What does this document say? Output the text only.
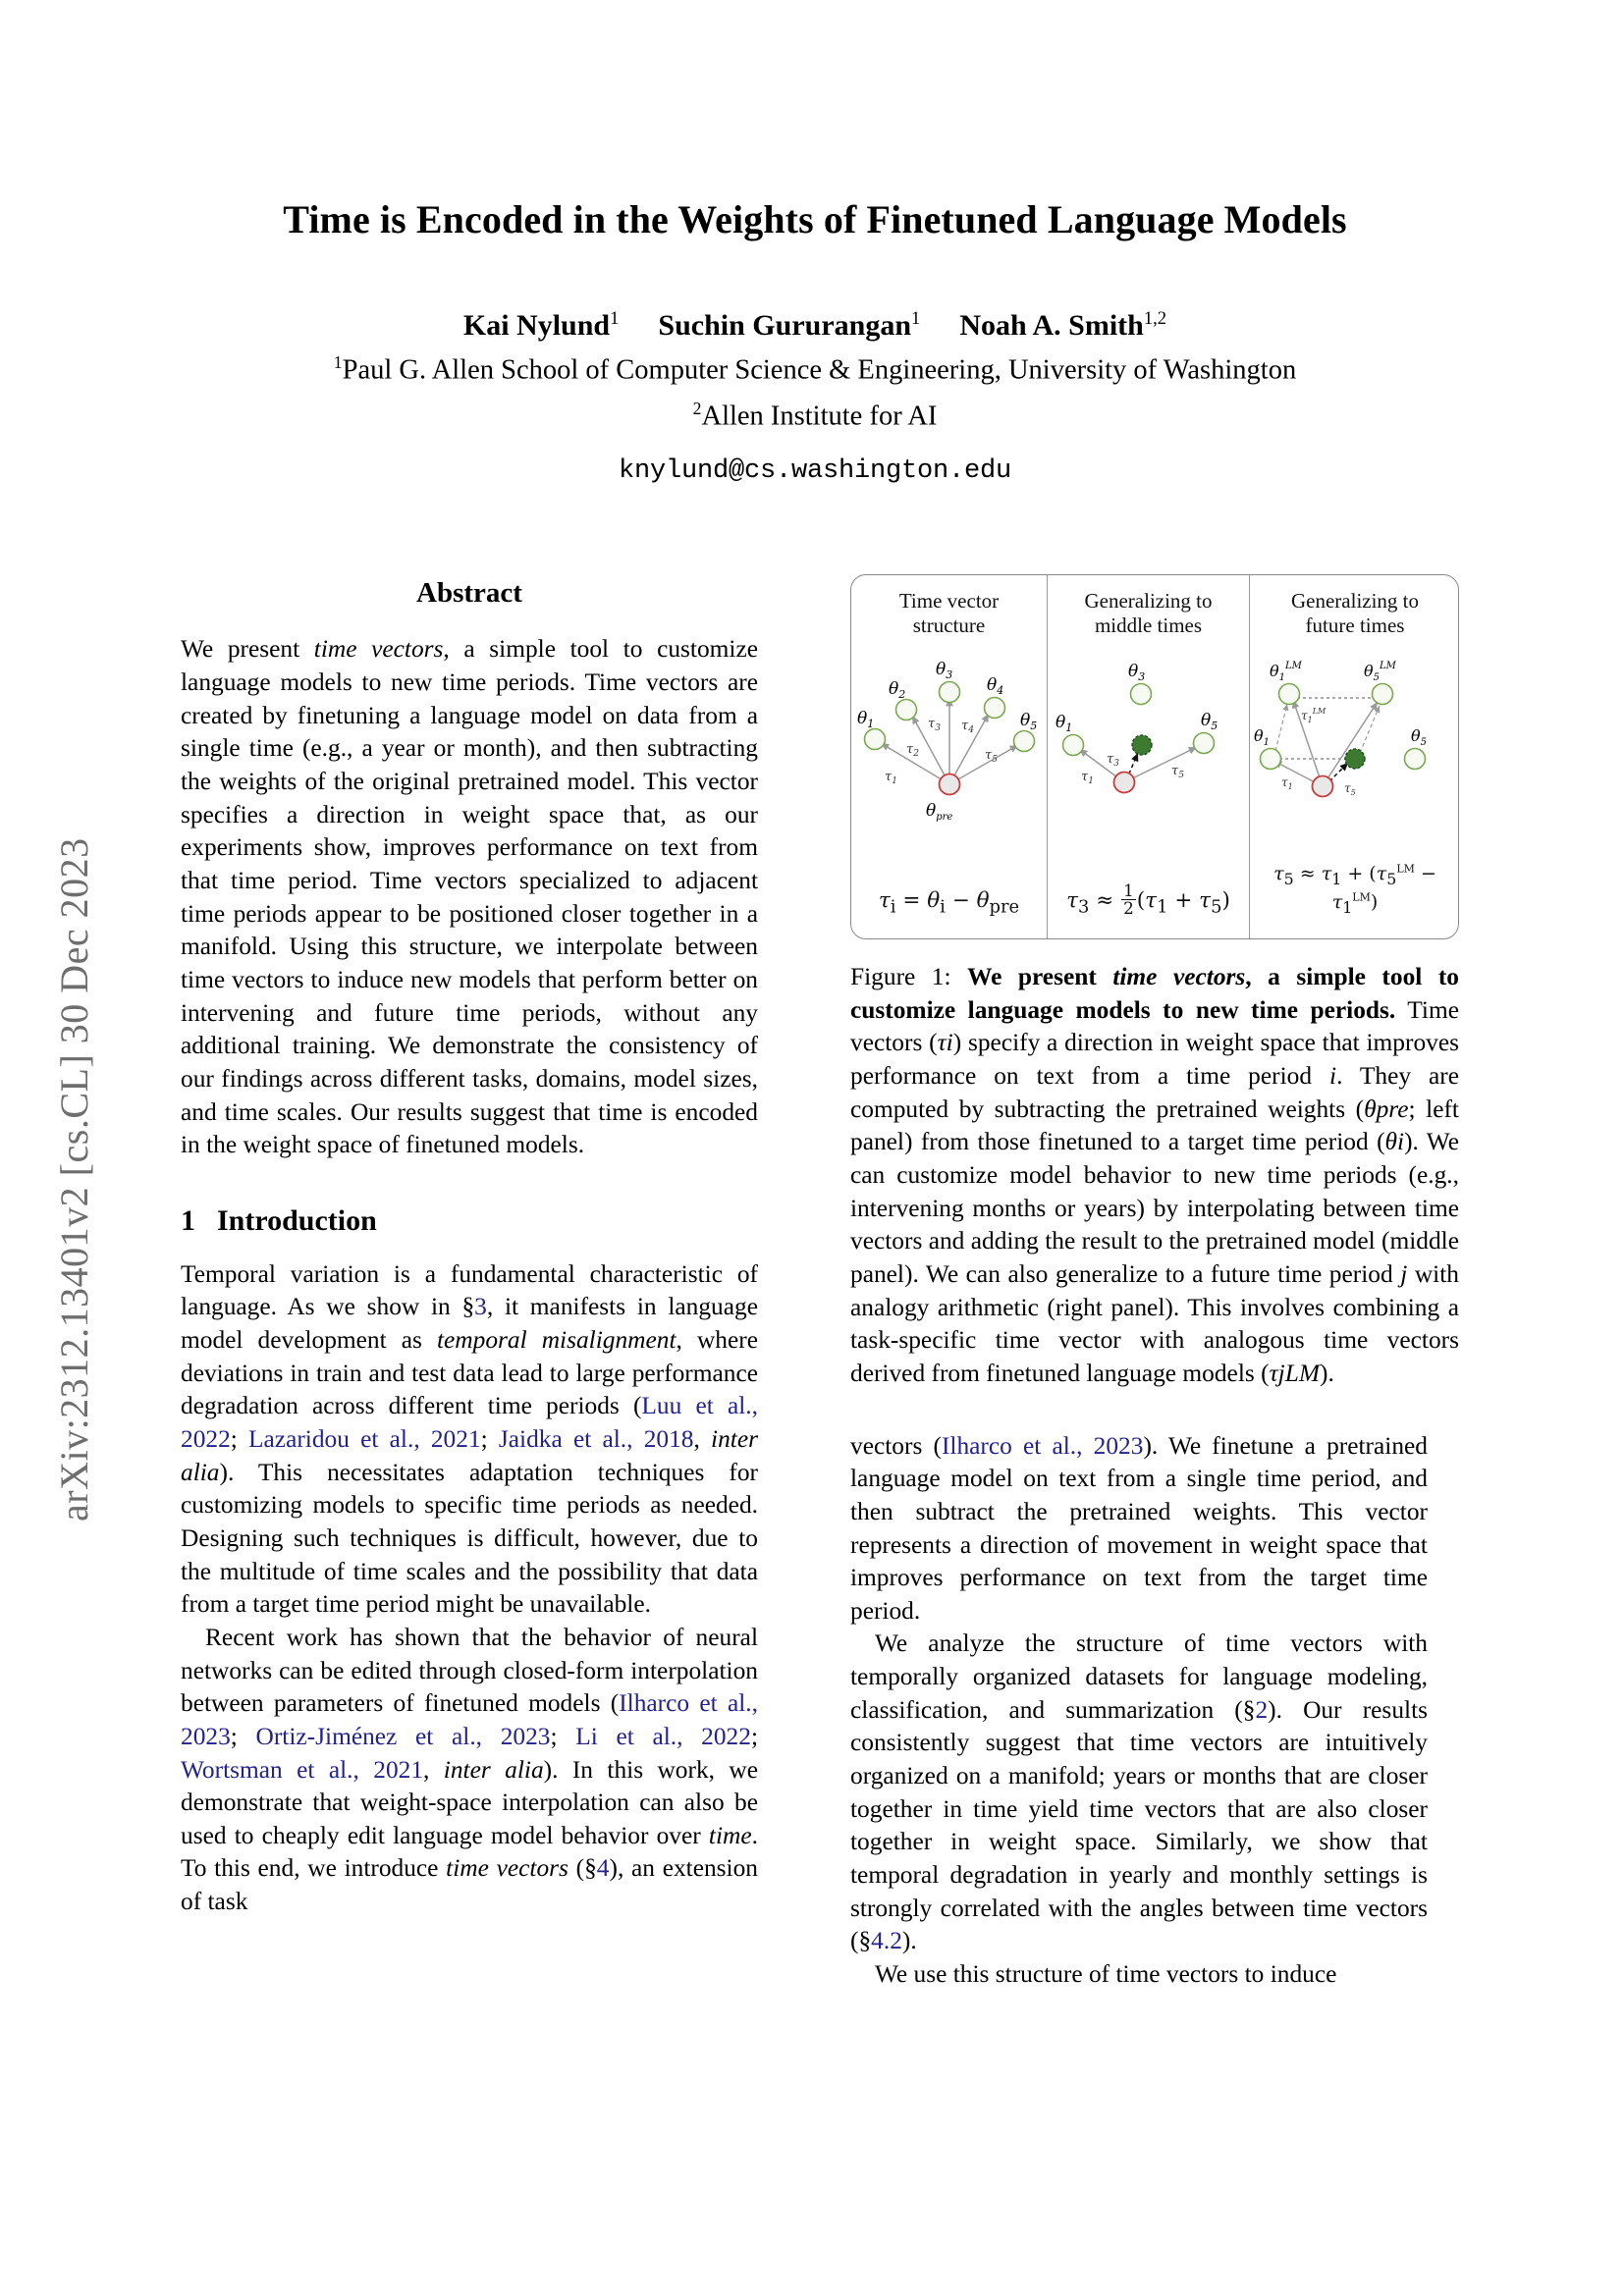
arXiv:2312.13401v2 [cs.CL] 30 Dec 2023
Time is Encoded in the Weights of Finetuned Language Models
Kai Nylund$^1$ Suchin Gururangan$^1$ Noah A. Smith$^{1,2}$
$^1$Paul G. Allen School of Computer Science & Engineering, University of Washington
$^2$Allen Institute for AI
knylund@cs.washington.edu
Abstract

We present time vectors, a simple tool to customize language models to new time periods. Time vectors are created by finetuning a language model on data from a single time (e.g., a year or month), and then subtracting the weights of the original pretrained model. This vector specifies a direction in weight space that, as our experiments show, improves performance on text from that time period. Time vectors specialized to adjacent time periods appear to be positioned closer together in a manifold. Using this structure, we interpolate between time vectors to induce new models that perform better on intervening and future time periods, without any additional training. We demonstrate the consistency of our findings across different tasks, domains, model sizes, and time scales. Our results suggest that time is encoded in the weight space of finetuned models.

1 Introduction

Temporal variation is a fundamental characteristic of language. As we show in §3, it manifests in language model development as temporal misalignment, where deviations in train and test data lead to large performance degradation across different time periods (Luu et al., 2022; Lazaridou et al., 2021; Jaidka et al., 2018, inter alia). This necessitates adaptation techniques for customizing models to specific time periods as needed. Designing such techniques is difficult, however, due to the multitude of time scales and the possibility that data from a target time period might be unavailable.

Recent work has shown that the behavior of neural networks can be edited through closed-form interpolation between parameters of finetuned models (Ilharco et al., 2023; Ortiz-Jiménez et al., 2023; Li et al., 2022; Wortsman et al., 2021, inter alia). In this work, we demonstrate that weight-space interpolation can also be used to cheaply edit language model behavior over time. To this end, we introduce time vectors (§4), an extension of task

Time vector
structure
$\theta_1$
$\theta_2$
$\theta_3$
$\theta_4$
$\theta_5$
$\theta_{pre}$
$\tau_1$
$\tau_2$
$\tau_3$ $\tau_4$
$\tau_5$
$\tau_i = \theta_i - \theta_{pre}$
Generalizing to
middle times
$\theta_1$
$\theta_3$
$\theta_5$
$\tau_1$
$\tau_3$	$\tau_5$
$\tau_3 \approx \frac{1}{2} (\tau_1 + \tau_5)$
Generalizing to
future times
$\theta_1^{LM}$	$\theta_5^{LM}$
$\theta_1$	$\theta_5$
$\tau_1^{LM}$
$\tau_1$	$\tau_5$
$\tau_5 \approx \tau_1 + (\tau_5^{LM} - \tau_1^{LM})$
Figure 1: We present time vectors, a simple tool to customize language models to new time periods. Time vectors (τi) specify a direction in weight space that improves performance on text from a time period i. They are computed by subtracting the pretrained weights (θpre; left panel) from those finetuned to a target time period (θi). We can customize model behavior to new time periods (e.g., intervening months or years) by interpolating between time vectors and adding the result to the pretrained model (middle panel). We can also generalize to a future time period j with analogy arithmetic (right panel). This involves combining a task-specific time vector with analogous time vectors derived from finetuned language models (τjLM).

vectors (Ilharco et al., 2023). We finetune a pretrained language model on text from a single time period, and then subtract the pretrained weights. This vector represents a direction of movement in weight space that improves performance on text from the target time period.

We analyze the structure of time vectors with temporally organized datasets for language modeling, classification, and summarization (§2). Our results consistently suggest that time vectors are intuitively organized on a manifold; years or months that are closer together in time yield time vectors that are also closer together in weight space. Similarly, we show that temporal degradation in yearly and monthly settings is strongly correlated with the angles between time vectors (§4.2).

We use this structure of time vectors to induce
